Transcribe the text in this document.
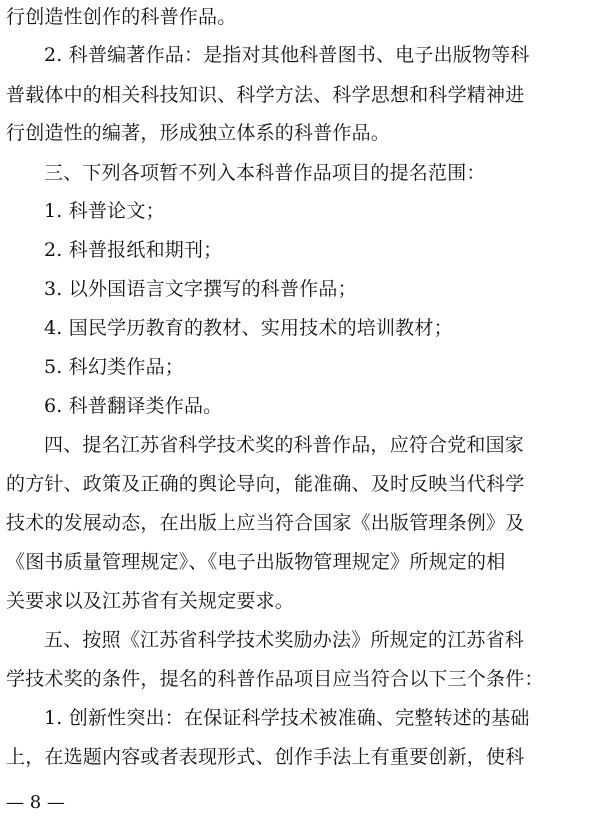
行创造性创作的科普作品。
2. 科普编著作品：是指对其他科普图书、电子出版物等科
普载体中的相关科技知识、科学方法、科学思想和科学精神进
行创造性的编著，形成独立体系的科普作品。
三、下列各项暂不列入本科普作品项目的提名范围：
1. 科普论文；
2. 科普报纸和期刊；
3. 以外国语言文字撰写的科普作品；
4. 国民学历教育的教材、实用技术的培训教材；
5. 科幻类作品；
6. 科普翻译类作品。
四、提名江苏省科学技术奖的科普作品，应符合党和国家
的方针、政策及正确的舆论导向，能准确、及时反映当代科学
技术的发展动态，在出版上应当符合国家《出版管理条例》及
《图书质量管理规定》、《电子出版物管理规定》所规定的相
关要求以及江苏省有关规定要求。
五、按照《江苏省科学技术奖励办法》所规定的江苏省科
学技术奖的条件，提名的科普作品项目应当符合以下三个条件：
1. 创新性突出：在保证科学技术被准确、完整转述的基础
上，在选题内容或者表现形式、创作手法上有重要创新，使科
— 8 —
